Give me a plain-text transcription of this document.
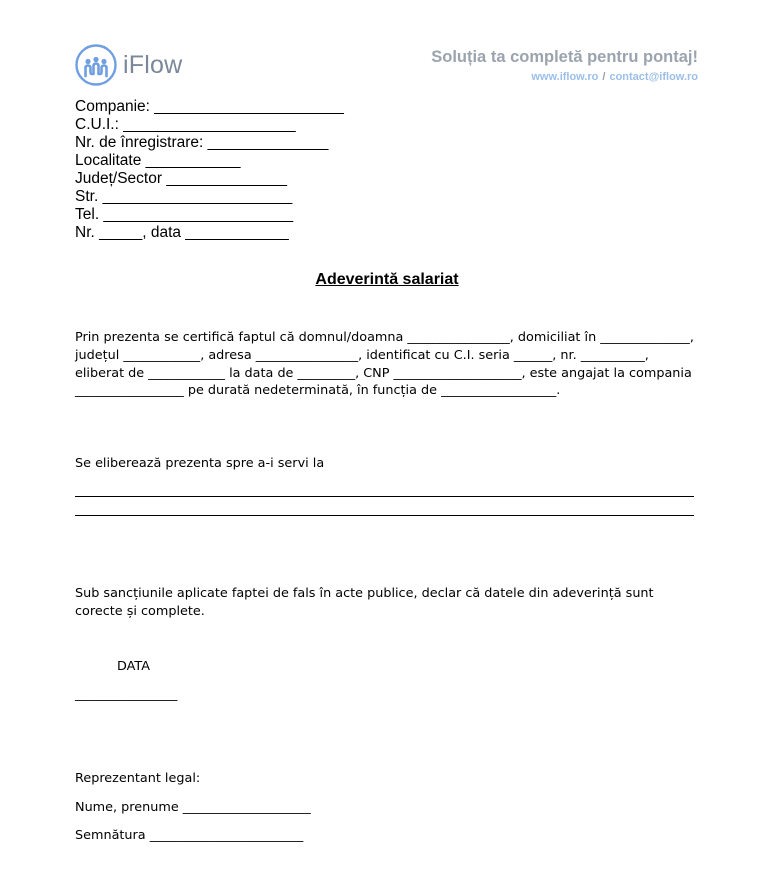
iFlow	Soluția ta completă pentru pontaj!
www.iflow.ro / contact@iflow.ro
Companie: ______________________
C.U.I.: ____________________
Nr. de înregistrare: ______________
Localitate ___________
Județ/Sector ______________
Str. ______________________
Tel. ______________________
Nr. _____, data ____________
Adeverintă salariat
Prin prezenta se certifică faptul că domnul/doamna ________________, domiciliat în ______________, județul ____________, adresa ________________, identificat cu C.I. seria ______, nr. __________, eliberat de ____________ la data de _________, CNP ____________________, este angajat la compania _________________ pe durată nedeterminată, în funcția de __________________.
Se eliberează prezenta spre a-i servi la
Sub sancțiunile aplicate faptei de fals în acte publice, declar că datele din adeverință sunt corecte și complete.
DATA
________________
Reprezentant legal:
Nume, prenume ____________________
Semnătura ________________________
